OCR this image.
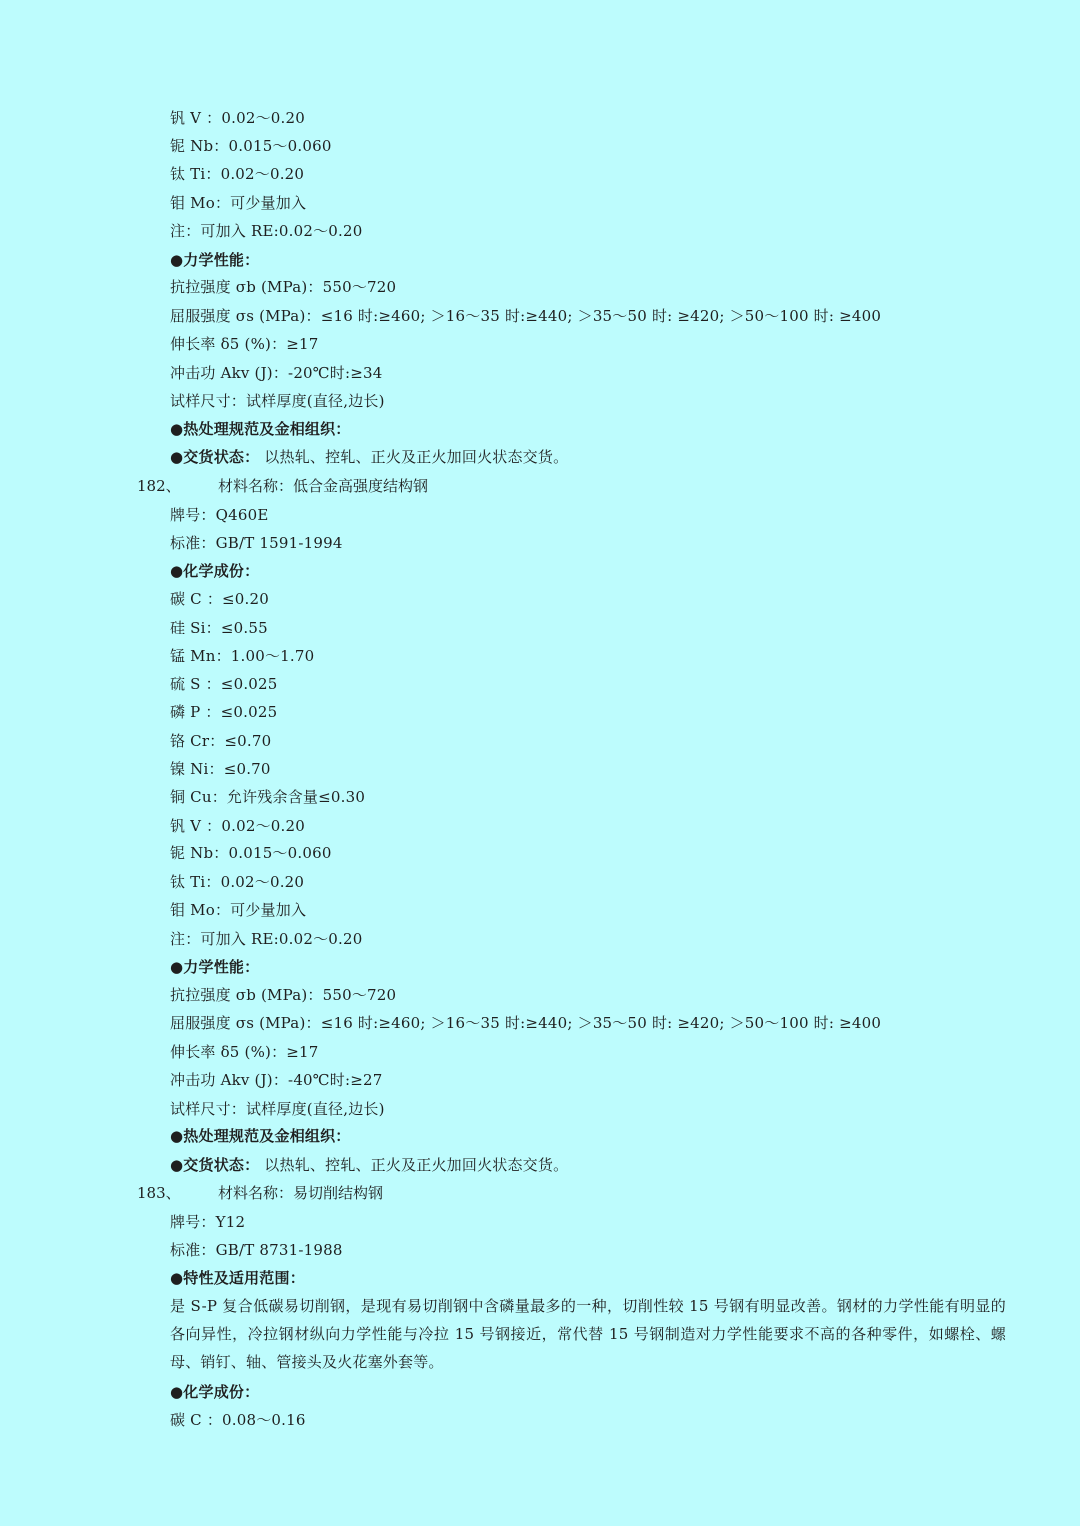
钒 V ：0.02～0.20
铌 Nb：0.015～0.060
钛 Ti：0.02～0.20
钼 Mo：可少量加入
注：可加入 RE:0.02～0.20
●力学性能：
抗拉强度 σb (MPa)：550～720
屈服强度 σs (MPa)：≤16 时:≥460; ＞16～35 时:≥440; ＞35～50 时: ≥420; ＞50～100 时: ≥400
伸长率 δ5 (%)：≥17
冲击功 Akv (J)：-20℃时:≥34
试样尺寸：试样厚度(直径,边长)
●热处理规范及金相组织：
●交货状态： 以热轧、控轧、正火及正火加回火状态交货。
182、 材料名称：低合金高强度结构钢
牌号：Q460E
标准：GB/T 1591-1994
●化学成份：
碳 C ：≤0.20
硅 Si：≤0.55
锰 Mn：1.00～1.70
硫 S ：≤0.025
磷 P ：≤0.025
铬 Cr：≤0.70
镍 Ni：≤0.70
铜 Cu：允许残余含量≤0.30
钒 V ：0.02～0.20
铌 Nb：0.015～0.060
钛 Ti：0.02～0.20
钼 Mo：可少量加入
注：可加入 RE:0.02～0.20
●力学性能：
抗拉强度 σb (MPa)：550～720
屈服强度 σs (MPa)：≤16 时:≥460; ＞16～35 时:≥440; ＞35～50 时: ≥420; ＞50～100 时: ≥400
伸长率 δ5 (%)：≥17
冲击功 Akv (J)：-40℃时:≥27
试样尺寸：试样厚度(直径,边长)
●热处理规范及金相组织：
●交货状态： 以热轧、控轧、正火及正火加回火状态交货。
183、 材料名称：易切削结构钢
牌号：Y12
标准：GB/T 8731-1988
●特性及适用范围：
是 S-P 复合低碳易切削钢，是现有易切削钢中含磷量最多的一种，切削性较 15 号钢有明显改善。钢材的力学性能有明显的各向异性，冷拉钢材纵向力学性能与冷拉 15 号钢接近，常代替 15 号钢制造对力学性能要求不高的各种零件，如螺栓、螺母、销钉、轴、管接头及火花塞外套等。
●化学成份：
碳 C ：0.08～0.16
